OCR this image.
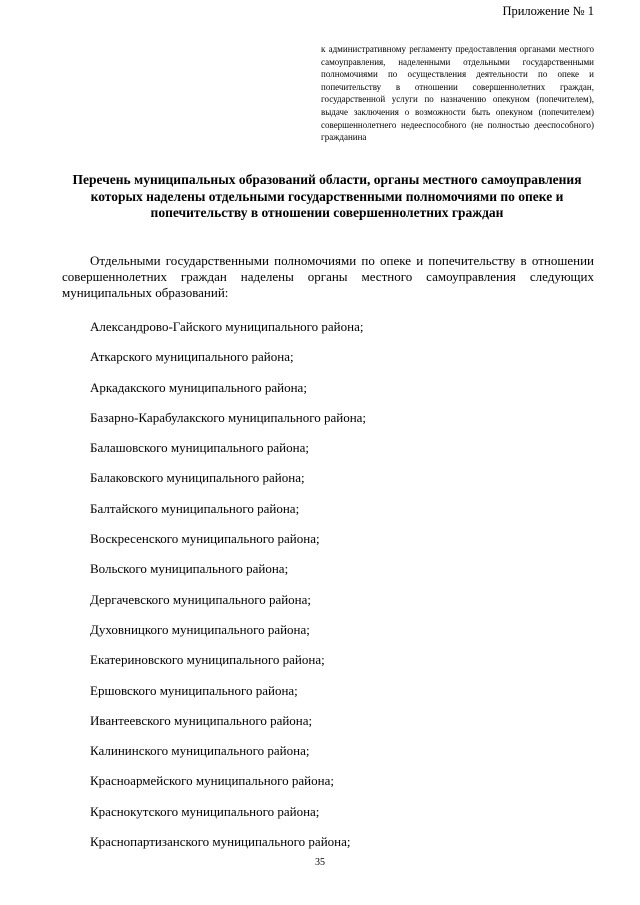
Приложение № 1
к административному регламенту предоставления органами местного самоуправления, наделенными отдельными государственными полномочиями по осуществления деятельности по опеке и попечительству в отношении совершеннолетних граждан, государственной услуги по назначению опекуном (попечителем), выдаче заключения о возможности быть опекуном (попечителем) совершеннолетнего недееспособного (не полностью дееспособного) гражданина
Перечень муниципальных образований области, органы местного самоуправления которых наделены отдельными государственными полномочиями по опеке и попечительству в отношении совершеннолетних граждан

Отдельными государственными полномочиями по опеке и попечительству в отношении совершеннолетних граждан наделены органы местного самоуправления следующих муниципальных образований:

Александрово-Гайского муниципального района;
Аткарского муниципального района;
Аркадакского муниципального района;
Базарно-Карабулакского муниципального района;
Балашовского муниципального района;
Балаковского муниципального района;
Балтайского муниципального района;
Воскресенского муниципального района;
Вольского муниципального района;
Дергачевского муниципального района;
Духовницкого муниципального района;
Екатериновского муниципального района;
Ершовского муниципального района;
Ивантеевского муниципального района;
Калининского муниципального района;
Красноармейского муниципального района;
Краснокутского муниципального района;
Краснопартизанского муниципального района;
35
